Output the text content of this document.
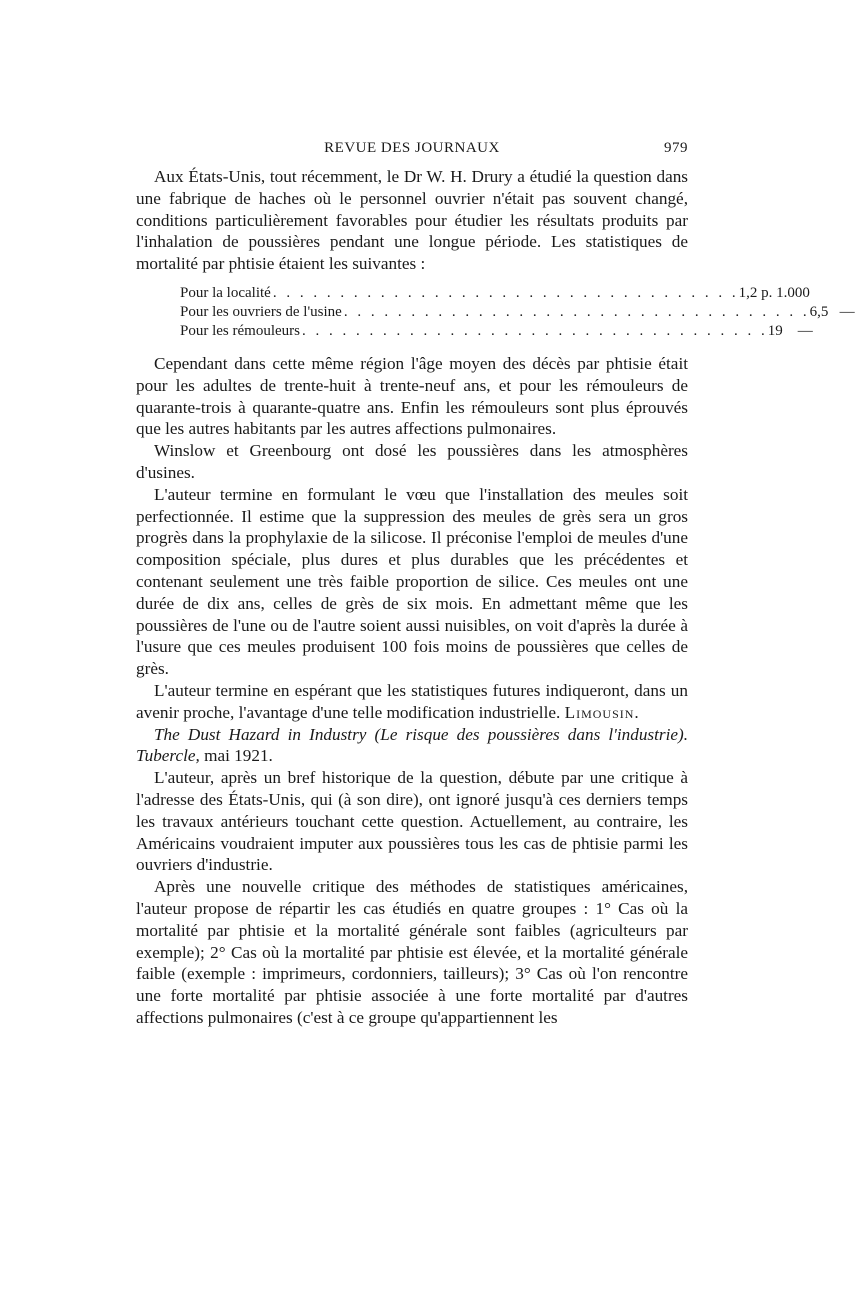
REVUE DES JOURNAUX	979

Aux États-Unis, tout récemment, le Dr W. H. Drury a étudié la question dans une fabrique de haches où le personnel ouvrier n'était pas souvent changé, conditions particulièrement favorables pour étudier les résultats produits par l'inhalation de poussières pendant une longue période. Les statistiques de mortalité par phtisie étaient les suivantes :

Pour la localité . . . . . . . . . . . . . . . . . . . . . . . . . . . . . . . . . . . 1,2 p. 1.000
Pour les ouvriers de l'usine . . . . . . . . . . . . . . . . . . . . . . . . . . . . . . . . . . . 6,5   —
Pour les rémouleurs . . . . . . . . . . . . . . . . . . . . . . . . . . . . . . . . . . . 19    —

Cependant dans cette même région l'âge moyen des décès par phtisie était pour les adultes de trente-huit à trente-neuf ans, et pour les rémouleurs de quarante-trois à quarante-quatre ans. Enfin les rémouleurs sont plus éprouvés que les autres habitants par les autres affections pulmonaires.

Winslow et Greenbourg ont dosé les poussières dans les atmosphères d'usines.

L'auteur termine en formulant le vœu que l'installation des meules soit perfectionnée. Il estime que la suppression des meules de grès sera un gros progrès dans la prophylaxie de la silicose. Il préconise l'emploi de meules d'une composition spéciale, plus dures et plus durables que les précédentes et contenant seulement une très faible proportion de silice. Ces meules ont une durée de dix ans, celles de grès de six mois. En admettant même que les poussières de l'une ou de l'autre soient aussi nuisibles, on voit d'après la durée à l'usure que ces meules produisent 100 fois moins de poussières que celles de grès.

L'auteur termine en espérant que les statistiques futures indiqueront, dans un avenir proche, l'avantage d'une telle modification industrielle. Limousin.

The Dust Hazard in Industry (Le risque des poussières dans l'industrie). Tubercle, mai 1921.

L'auteur, après un bref historique de la question, débute par une critique à l'adresse des États-Unis, qui (à son dire), ont ignoré jusqu'à ces derniers temps les travaux antérieurs touchant cette question. Actuellement, au contraire, les Américains voudraient imputer aux poussières tous les cas de phtisie parmi les ouvriers d'industrie.

Après une nouvelle critique des méthodes de statistiques américaines, l'auteur propose de répartir les cas étudiés en quatre groupes : 1° Cas où la mortalité par phtisie et la mortalité générale sont faibles (agriculteurs par exemple); 2° Cas où la mortalité par phtisie est élevée, et la mortalité générale faible (exemple : imprimeurs, cordonniers, tailleurs); 3° Cas où l'on rencontre une forte mortalité par phtisie associée à une forte mortalité par d'autres affections pulmonaires (c'est à ce groupe qu'appartiennent les
